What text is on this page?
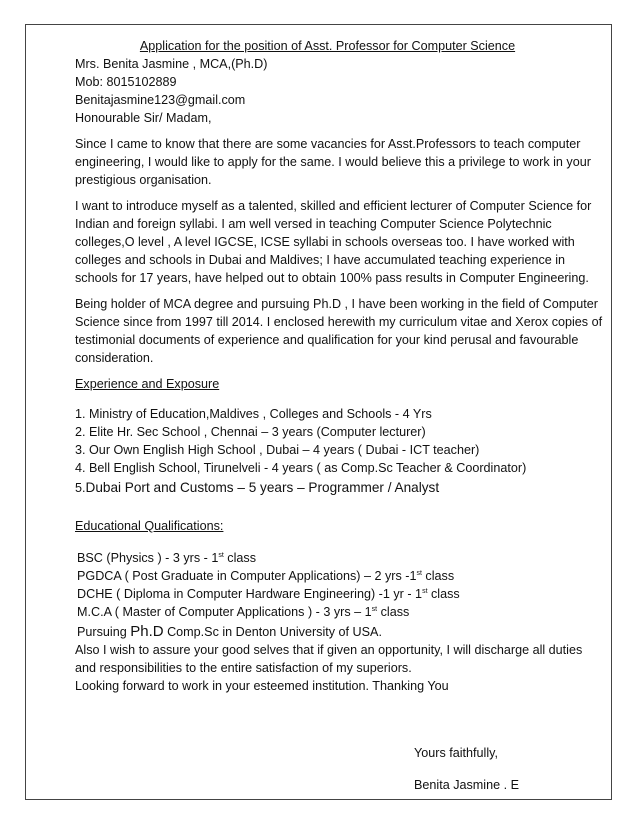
Application for the position of Asst. Professor for Computer Science

Mrs. Benita Jasmine , MCA,(Ph.D)

Mob: 8015102889

Benitajasmine123@gmail.com

Honourable Sir/ Madam,

Since I came to know that there are some vacancies for Asst.Professors to teach computer

engineering, I would like to apply for the same. I would believe this a privilege to work in your

prestigious organisation.

I want to introduce myself as a talented, skilled and efficient lecturer of Computer Science for

Indian and foreign syllabi. I am well versed in teaching Computer Science Polytechnic

colleges,O level , A level IGCSE, ICSE syllabi in schools overseas too. I have worked with

colleges and schools in Dubai and Maldives; I have accumulated teaching experience in

schools for 17 years, have helped out to obtain 100% pass results in Computer Engineering.

Being holder of MCA degree and pursuing Ph.D , I have been working in the field of Computer

Science since from 1997 till 2014. I enclosed herewith my curriculum vitae and Xerox copies of

testimonial documents of experience and qualification for your kind perusal and favourable

consideration.

Experience and Exposure

1. Ministry of Education,Maldives , Colleges and Schools - 4 Yrs

2. Elite Hr. Sec School , Chennai – 3 years (Computer lecturer)

3. Our Own English High School , Dubai – 4 years ( Dubai - ICT teacher)

4. Bell English School, Tirunelveli - 4 years ( as Comp.Sc Teacher & Coordinator)

5.Dubai Port and Customs – 5 years – Programmer / Analyst

Educational Qualifications:

BSC (Physics ) - 3 yrs - 1st class

PGDCA ( Post Graduate in Computer Applications) – 2 yrs -1st class

DCHE ( Diploma in Computer Hardware Engineering) -1 yr - 1st class

M.C.A ( Master of Computer Applications ) - 3 yrs – 1st class

Pursuing Ph.D Comp.Sc in Denton University of USA.

Also I wish to assure your good selves that if given an opportunity, I will discharge all duties

and responsibilities to the entire satisfaction of my superiors.

Looking forward to work in your esteemed institution. Thanking You

Yours faithfully,

Benita Jasmine . E
